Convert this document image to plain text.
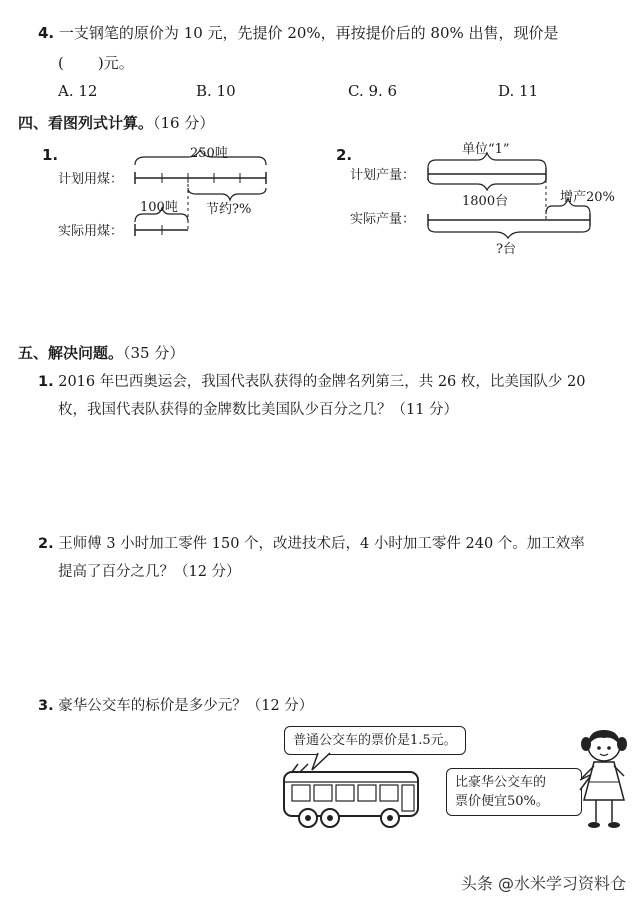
4. 一支钢笔的原价为 10 元，先提价 20%，再按提价后的 80% 出售，现价是
( )元。
A. 12	B. 10	C. 9. 6	D. 11
四、看图列式计算。（16 分）
1.
计划用煤：
实际用煤：
250吨
100吨 节约?%
2.
计划产量：
实际产量：
单位“1”
1800台	增产20%
?台
五、解决问题。（35 分）
1. 2016 年巴西奥运会，我国代表队获得的金牌名列第三，共 26 枚，比美国队少 20
枚，我国代表队获得的金牌数比美国队少百分之几？（11 分）
2. 王师傅 3 小时加工零件 150 个，改进技术后，4 小时加工零件 240 个。加工效率
提高了百分之几？（12 分）
3. 豪华公交车的标价是多少元？（12 分）
普通公交车的票价是1.5元。
比豪华公交车的
票价便宜50%。
头条 @水米学习资料仓
